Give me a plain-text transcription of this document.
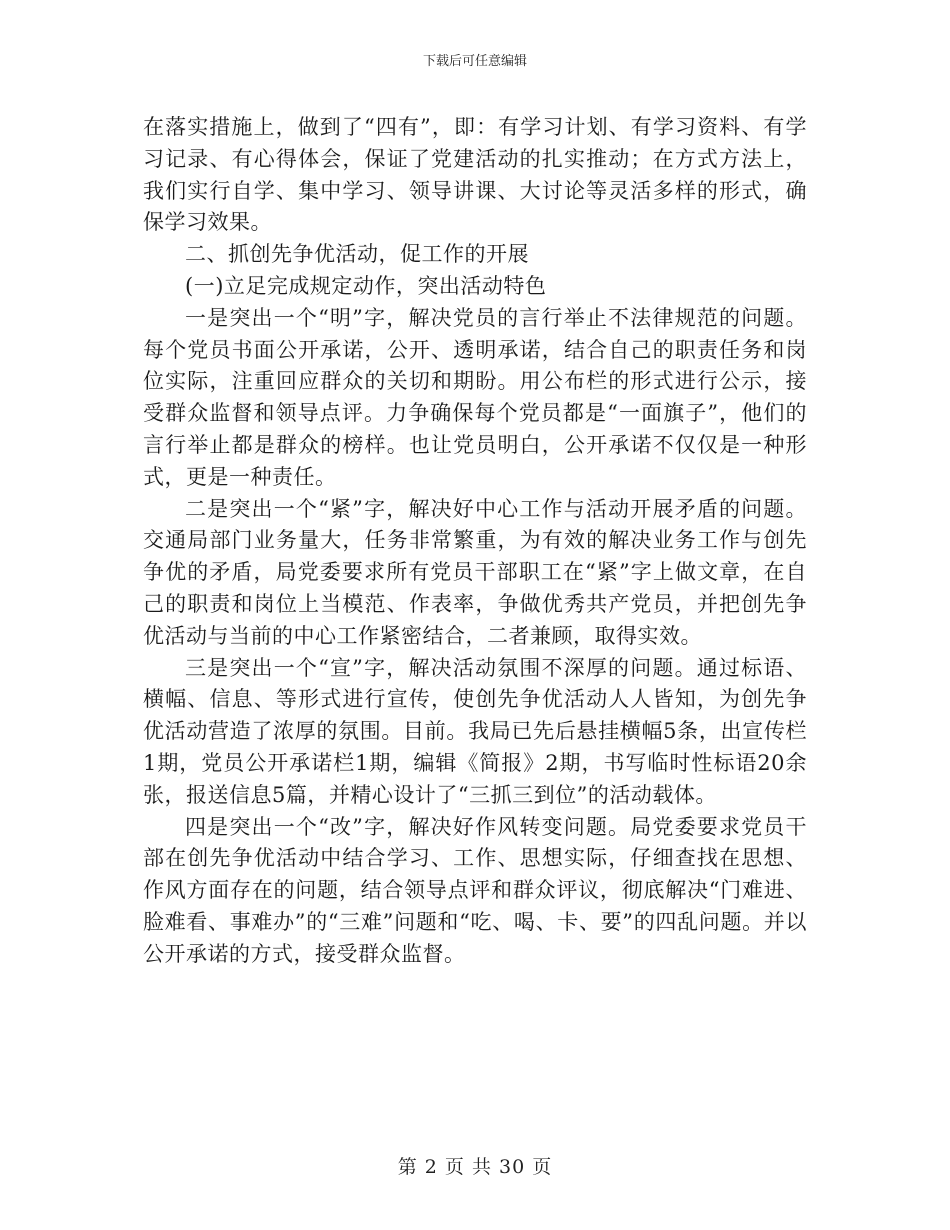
下载后可任意编辑

在落实措施上，做到了“四有”，即：有学习计划、有学习资料、有学习记录、有心得体会，保证了党建活动的扎实推动；在方式方法上，我们实行自学、集中学习、领导讲课、大讨论等灵活多样的形式，确保学习效果。

二、抓创先争优活动，促工作的开展

(一)立足完成规定动作，突出活动特色

一是突出一个“明”字，解决党员的言行举止不法律规范的问题。每个党员书面公开承诺，公开、透明承诺，结合自己的职责任务和岗位实际，注重回应群众的关切和期盼。用公布栏的形式进行公示，接受群众监督和领导点评。力争确保每个党员都是“一面旗子”，他们的言行举止都是群众的榜样。也让党员明白，公开承诺不仅仅是一种形式，更是一种责任。

二是突出一个“紧”字，解决好中心工作与活动开展矛盾的问题。交通局部门业务量大，任务非常繁重，为有效的解决业务工作与创先争优的矛盾，局党委要求所有党员干部职工在“紧”字上做文章，在自己的职责和岗位上当模范、作表率，争做优秀共产党员，并把创先争优活动与当前的中心工作紧密结合，二者兼顾，取得实效。

三是突出一个“宣”字，解决活动氛围不深厚的问题。通过标语、横幅、信息、等形式进行宣传，使创先争优活动人人皆知，为创先争优活动营造了浓厚的氛围。目前。我局已先后悬挂横幅5条，出宣传栏1期，党员公开承诺栏1期，编辑《简报》2期，书写临时性标语20余张，报送信息5篇，并精心设计了“三抓三到位”的活动载体。

四是突出一个“改”字，解决好作风转变问题。局党委要求党员干部在创先争优活动中结合学习、工作、思想实际，仔细查找在思想、作风方面存在的问题，结合领导点评和群众评议，彻底解决“门难进、脸难看、事难办”的“三难”问题和“吃、喝、卡、要”的四乱问题。并以公开承诺的方式，接受群众监督。

第 2 页 共 30 页
